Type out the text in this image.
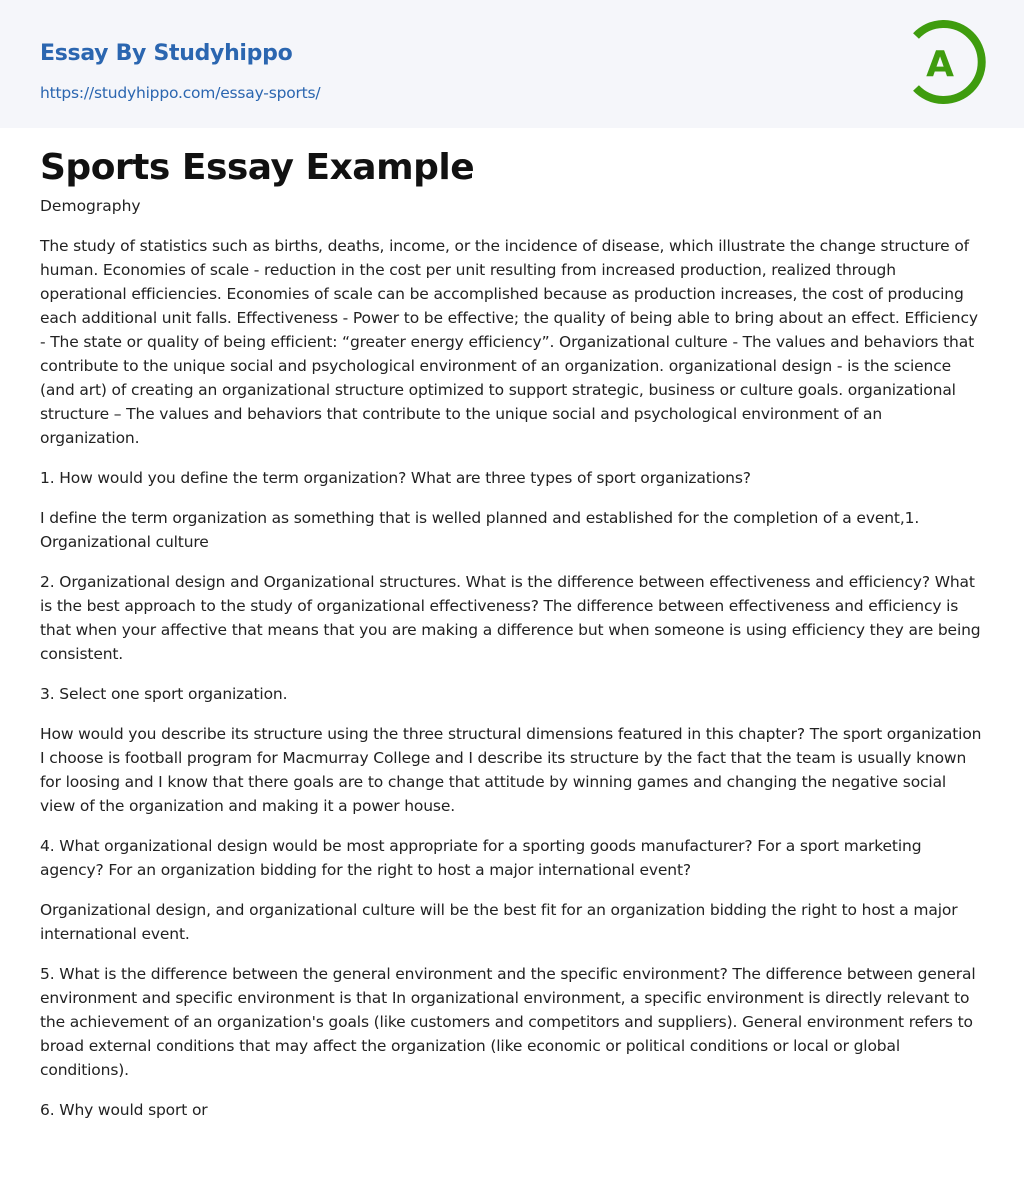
Essay By Studyhippo
https://studyhippo.com/essay-sports/
A
Sports Essay Example
Demography

The study of statistics such as births, deaths, income, or the incidence of disease, which illustrate the change structure of human. Economies of scale - reduction in the cost per unit resulting from increased production, realized through operational efficiencies. Economies of scale can be accomplished because as production increases, the cost of producing each additional unit falls. Effectiveness - Power to be effective; the quality of being able to bring about an effect. Efficiency - The state or quality of being efficient: “greater energy efficiency”. Organizational culture - The values and behaviors that contribute to the unique social and psychological environment of an organization. organizational design - is the science (and art) of creating an organizational structure optimized to support strategic, business or culture goals. organizational structure – The values and behaviors that contribute to the unique social and psychological environment of an organization.

1. How would you define the term organization? What are three types of sport organizations?

I define the term organization as something that is welled planned and established for the completion of a event,1. Organizational culture

2. Organizational design and Organizational structures. What is the difference between effectiveness and efficiency? What is the best approach to the study of organizational effectiveness? The difference between effectiveness and efficiency is that when your affective that means that you are making a difference but when someone is using efficiency they are being consistent.

3. Select one sport organization.

How would you describe its structure using the three structural dimensions featured in this chapter? The sport organization I choose is football program for Macmurray College and I describe its structure by the fact that the team is usually known for loosing and I know that there goals are to change that attitude by winning games and changing the negative social view of the organization and making it a power house.

4. What organizational design would be most appropriate for a sporting goods manufacturer? For a sport marketing agency? For an organization bidding for the right to host a major international event?

Organizational design, and organizational culture will be the best fit for an organization bidding the right to host a major international event.

5. What is the difference between the general environment and the specific environment? The difference between general environment and specific environment is that In organizational environment, a specific environment is directly relevant to the achievement of an organization's goals (like customers and competitors and suppliers). General environment refers to broad external conditions that may affect the organization (like economic or political conditions or local or global conditions).

6. Why would sport or
